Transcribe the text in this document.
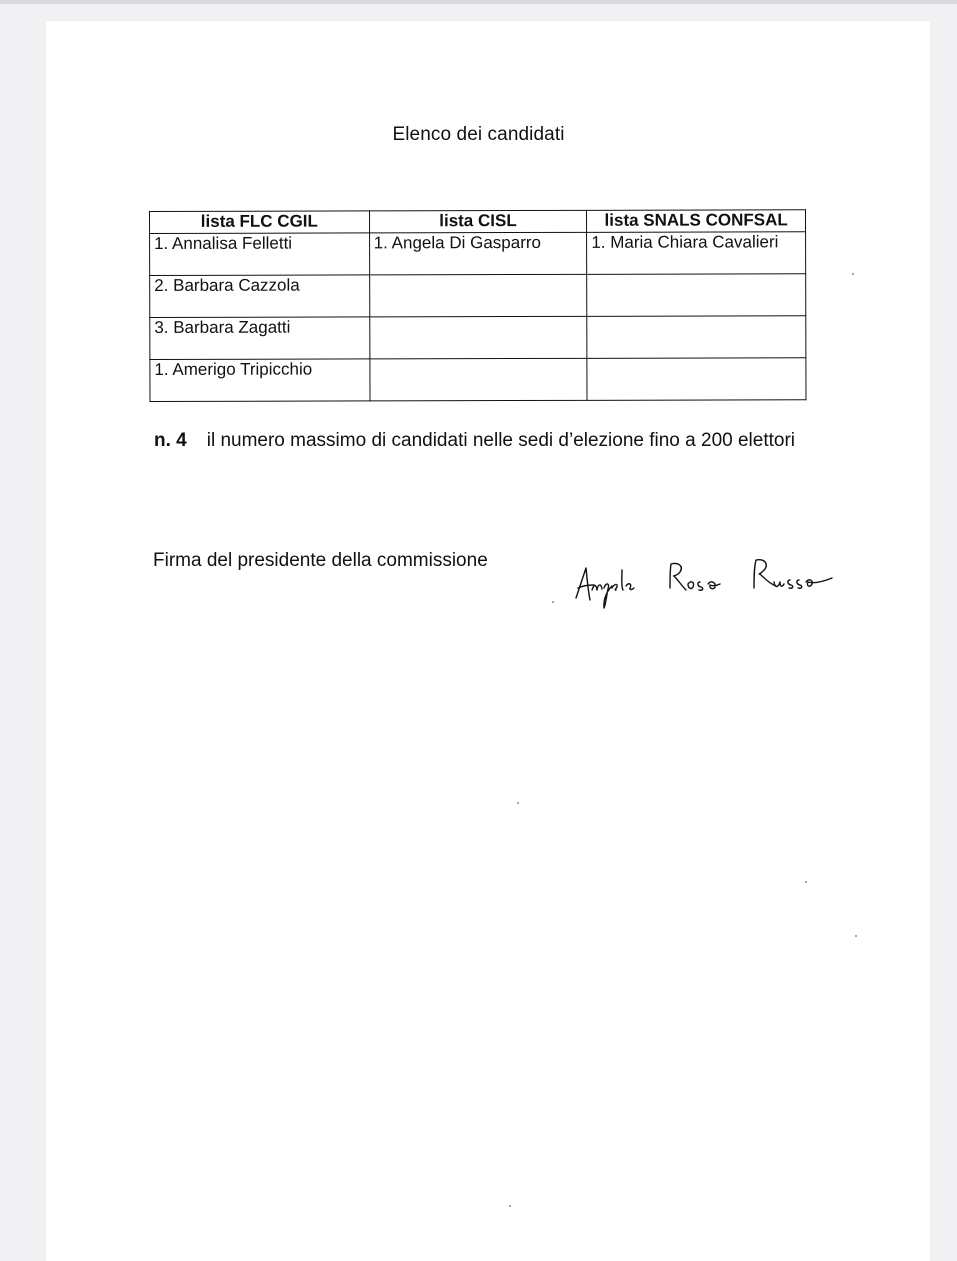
Elenco dei candidati
lista FLC CGIL	lista CISL	lista SNALS CONFSAL
1. Annalisa Felletti	1. Angela Di Gasparro	1. Maria Chiara Cavalieri
2. Barbara Cazzola		
3. Barbara Zagatti		
1. Amerigo Tripicchio		
n. 4 il numero massimo di candidati nelle sedi d’elezione fino a 200 elettori
Firma del presidente della commissione
